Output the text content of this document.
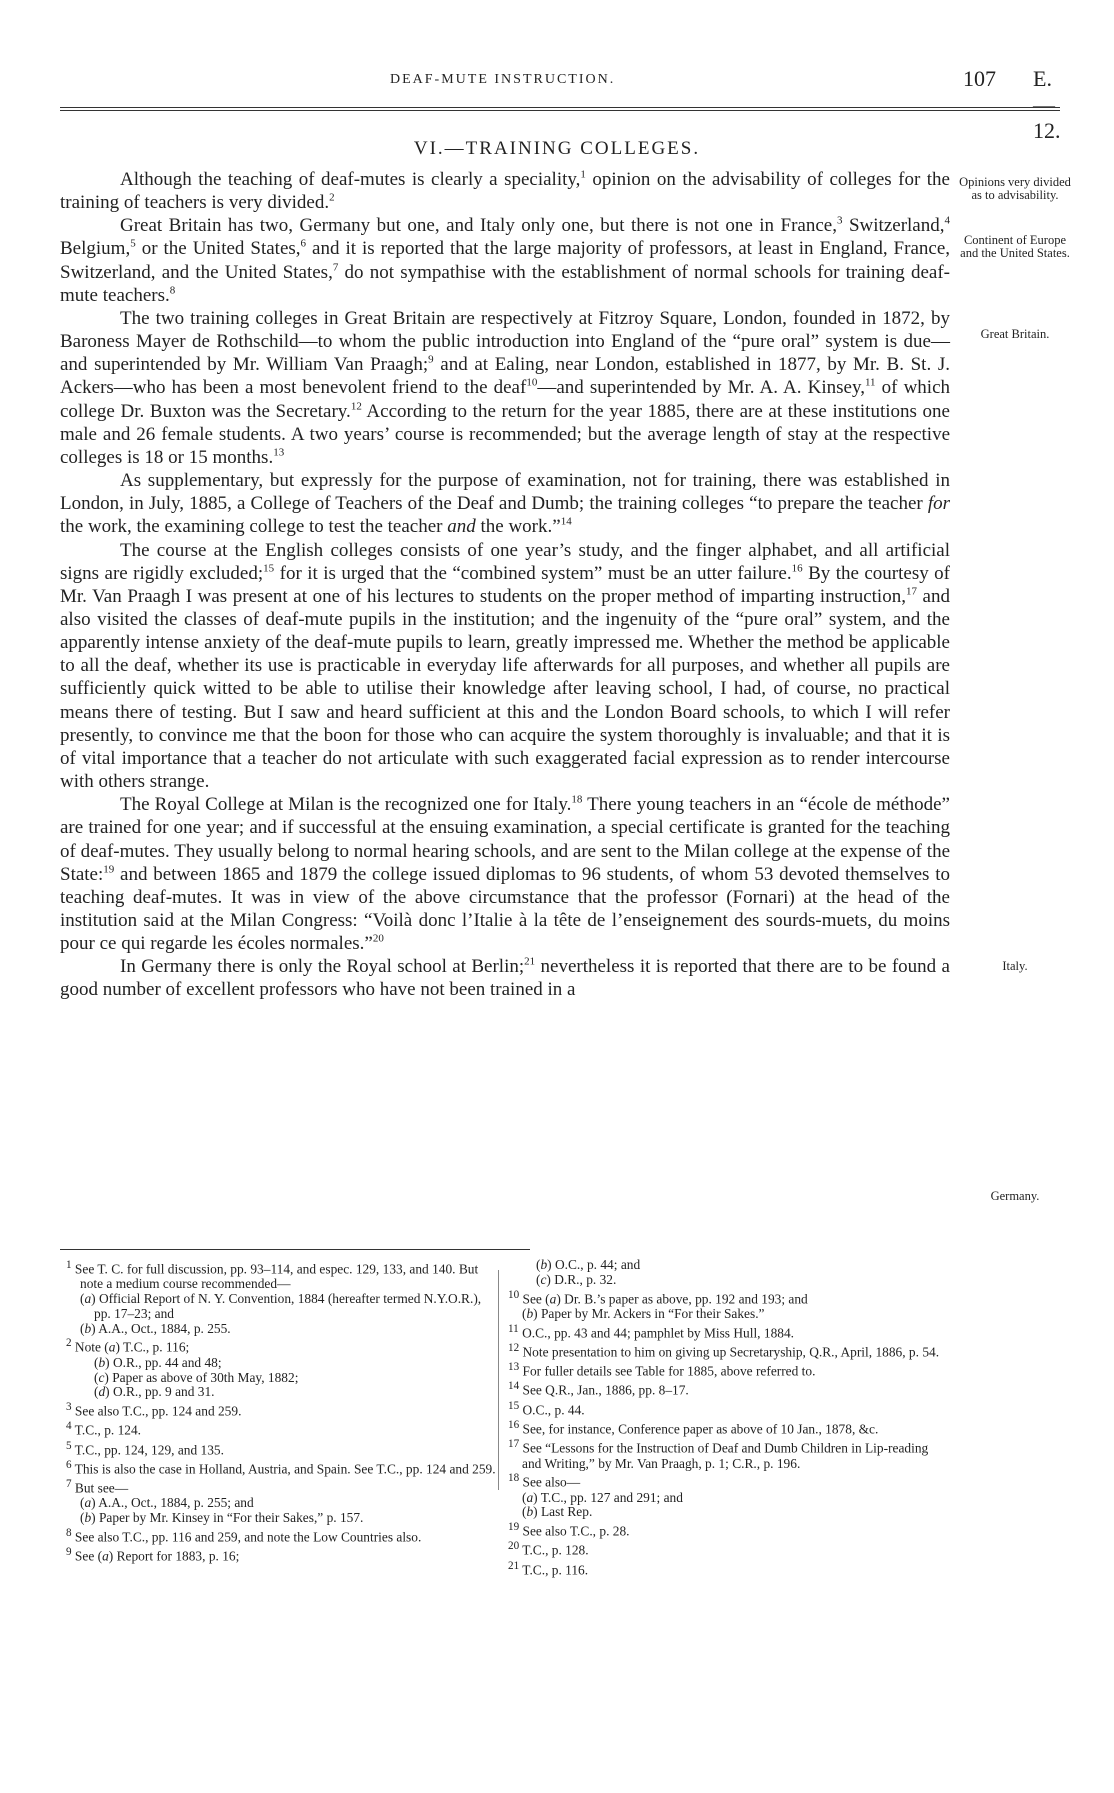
DEAF-MUTE INSTRUCTION.	107 E.—12.
VI.—TRAINING COLLEGES.

Although the teaching of deaf-mutes is clearly a speciality,$^1$ opinion on the advisability of colleges for the training of teachers is very divided.$^2$

Great Britain has two, Germany but one, and Italy only one, but there is not one in France,$^3$ Switzerland,$^4$ Belgium,$^5$ or the United States,$^6$ and it is reported that the large majority of professors, at least in England, France, Switzerland, and the United States,$^7$ do not sympathise with the establishment of normal schools for training deaf-mute teachers.$^8$

The two training colleges in Great Britain are respectively at Fitzroy Square, London, founded in 1872, by Baroness Mayer de Rothschild—to whom the public introduction into England of the “pure oral” system is due—and superintended by Mr. William Van Praagh;$^9$ and at Ealing, near London, established in 1877, by Mr. B. St. J. Ackers—who has been a most benevolent friend to the deaf$^{10}$—and superintended by Mr. A. A. Kinsey,$^{11}$ of which college Dr. Buxton was the Secretary.$^{12}$ According to the return for the year 1885, there are at these institutions one male and 26 female students. A two years’ course is recommended; but the average length of stay at the respective colleges is 18 or 15 months.$^{13}$

As supplementary, but expressly for the purpose of examination, not for training, there was established in London, in July, 1885, a College of Teachers of the Deaf and Dumb; the training colleges “to prepare the teacher for the work, the examining college to test the teacher and the work.”$^{14}$

The course at the English colleges consists of one year’s study, and the finger alphabet, and all artificial signs are rigidly excluded;$^{15}$ for it is urged that the “combined system” must be an utter failure.$^{16}$ By the courtesy of Mr. Van Praagh I was present at one of his lectures to students on the proper method of imparting instruction,$^{17}$ and also visited the classes of deaf-mute pupils in the institution; and the ingenuity of the “pure oral” system, and the apparently intense anxiety of the deaf-mute pupils to learn, greatly impressed me. Whether the method be applicable to all the deaf, whether its use is practicable in everyday life afterwards for all purposes, and whether all pupils are sufficiently quick witted to be able to utilise their knowledge after leaving school, I had, of course, no practical means there of testing. But I saw and heard sufficient at this and the London Board schools, to which I will refer presently, to convince me that the boon for those who can acquire the system thoroughly is invaluable; and that it is of vital importance that a teacher do not articulate with such exaggerated facial expression as to render intercourse with others strange.

The Royal College at Milan is the recognized one for Italy.$^{18}$ There young teachers in an “école de méthode” are trained for one year; and if successful at the ensuing examination, a special certificate is granted for the teaching of deaf-mutes. They usually belong to normal hearing schools, and are sent to the Milan college at the expense of the State:$^{19}$ and between 1865 and 1879 the college issued diplomas to 96 students, of whom 53 devoted themselves to teaching deaf-mutes. It was in view of the above circumstance that the professor (Fornari) at the head of the institution said at the Milan Congress: “Voilà donc l’Italie à la tête de l’enseignement des sourds-muets, du moins pour ce qui regarde les écoles normales.”$^{20}$

In Germany there is only the Royal school at Berlin;$^{21}$ nevertheless it is reported that there are to be found a good number of excellent professors who have not been trained in a

Opinions very divided as to advisability.
Continent of Europe and the United States.
Great Britain.
Italy.
Germany.
$^1$ See T. C. for full discussion, pp. 93–114, and espec. 129, 133, and 140. But note a medium course recommended—
(a) Official Report of N. Y. Convention, 1884 (hereafter termed N.Y.O.R.), pp. 17–23; and
(b) A.A., Oct., 1884, p. 255.
$^2$ Note (a) T.C., p. 116;
(b) O.R., pp. 44 and 48;
(c) Paper as above of 30th May, 1882;
(d) O.R., pp. 9 and 31.
$^3$ See also T.C., pp. 124 and 259.
$^4$ T.C., p. 124.
$^5$ T.C., pp. 124, 129, and 135.
$^6$ This is also the case in Holland, Austria, and Spain. See T.C., pp. 124 and 259.
$^7$ But see—
(a) A.A., Oct., 1884, p. 255; and
(b) Paper by Mr. Kinsey in “For their Sakes,” p. 157.
$^8$ See also T.C., pp. 116 and 259, and note the Low Countries also.
$^9$ See (a) Report for 1883, p. 16;
(b) O.C., p. 44; and
(c) D.R., p. 32.
$^{10}$ See (a) Dr. B.’s paper as above, pp. 192 and 193; and
(b) Paper by Mr. Ackers in “For their Sakes.”
$^{11}$ O.C., pp. 43 and 44; pamphlet by Miss Hull, 1884.
$^{12}$ Note presentation to him on giving up Secretaryship, Q.R., April, 1886, p. 54.
$^{13}$ For fuller details see Table for 1885, above referred to.
$^{14}$ See Q.R., Jan., 1886, pp. 8–17.
$^{15}$ O.C., p. 44.
$^{16}$ See, for instance, Conference paper as above of 10 Jan., 1878, &c.
$^{17}$ See “Lessons for the Instruction of Deaf and Dumb Children in Lip-reading and Writing,” by Mr. Van Praagh, p. 1; C.R., p. 196.
$^{18}$ See also—
(a) T.C., pp. 127 and 291; and
(b) Last Rep.
$^{19}$ See also T.C., p. 28.
$^{20}$ T.C., p. 128.
$^{21}$ T.C., p. 116.
